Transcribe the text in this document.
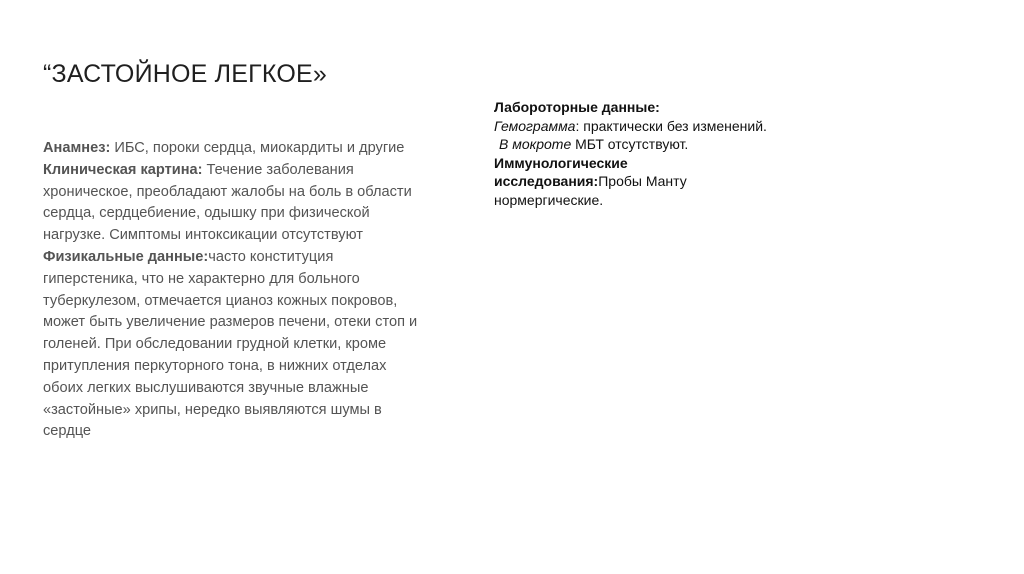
“ЗАСТОЙНОЕ ЛЕГКОЕ»

Анамнез: ИБС, пороки сердца, миокардиты и другие

Клиническая картина: Течение заболевания хроническое, преобладают жалобы на боль в области сердца, сердцебиение, одышку при физической нагрузке. Симптомы интоксикации отсутствуют

Физикальные данные:часто конституция гиперстеника, что не характерно для больного туберкулезом, отмечается цианоз кожных покровов, может быть увеличение размеров печени, отеки стоп и голеней. При обследовании грудной клетки, кроме притупления перкуторного тона, в нижних отделах обоих легких выслушиваются звучные влажные «застойные» хрипы, нередко выявляются шумы в сердце

Лабороторные данные:

Гемограмма: практически без изменений.

В мокроте МБТ отсутствуют.

Иммунологические исследования:Пробы Манту нормергические.
